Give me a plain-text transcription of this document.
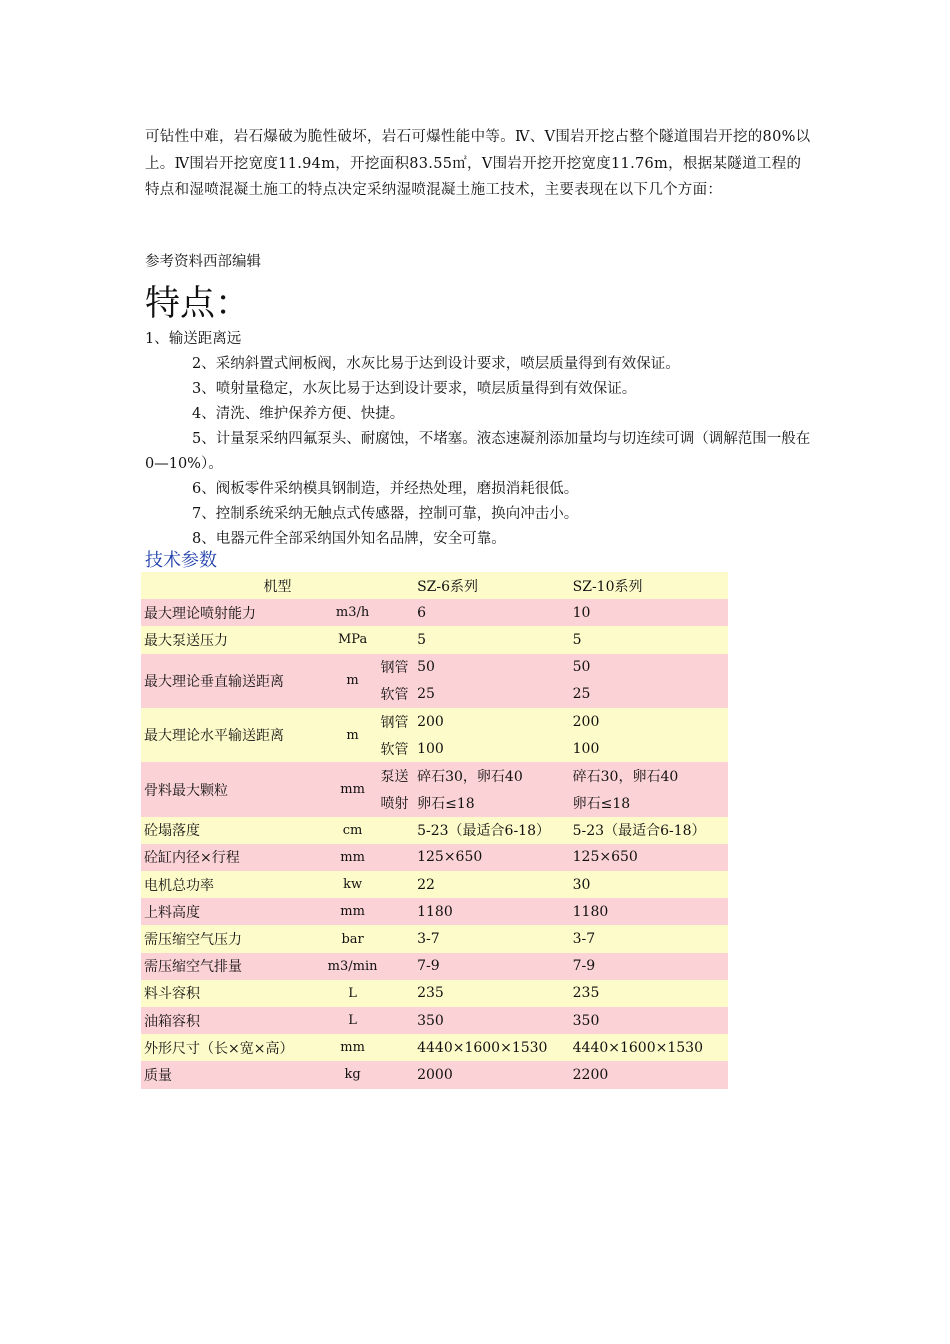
可钻性中难，岩石爆破为脆性破坏，岩石可爆性能中等。Ⅳ、Ⅴ围岩开挖占整个隧道围岩开挖的80%以上。Ⅳ围岩开挖宽度11.94m，开挖面积83.55㎡，Ⅴ围岩开挖开挖宽度11.76m，根据某隧道工程的特点和湿喷混凝土施工的特点决定采纳湿喷混凝土施工技术，主要表现在以下几个方面：
参考资料西部编辑
特点：

1、输送距离远

2、采纳斜置式闸板阀，水灰比易于达到设计要求，喷层质量得到有效保证。

3、喷射量稳定，水灰比易于达到设计要求，喷层质量得到有效保证。

4、清洗、维护保养方便、快捷。

5、计量泵采纳四氟泵头、耐腐蚀，不堵塞。液态速凝剂添加量均与切连续可调（调解范围一般在0—10%）。

6、阀板零件采纳模具钢制造，并经热处理，磨损消耗很低。

7、控制系统采纳无触点式传感器，控制可靠，换向冲击小。

8、电器元件全部采纳国外知名品牌，安全可靠。

技术参数
机型			SZ-6系列	SZ-10系列
最大理论喷射能力	m3/h		6	10
最大泵送压力	MPa		5	5
最大理论垂直输送距离	m	钢管	50	50
		软管	25	25
最大理论水平输送距离	m	钢管	200	200
		软管	100	100
骨料最大颗粒	mm	泵送	碎石30，卵石40	碎石30，卵石40
		喷射	卵石≤18	卵石≤18
砼塌落度	cm		5-23（最适合6-18）	5-23（最适合6-18）
砼缸内径×行程	mm		125×650	125×650
电机总功率	kw		22	30
上料高度	mm		1180	1180
需压缩空气压力	bar		3-7	3-7
需压缩空气排量	m3/min		7-9	7-9
料斗容积	L		235	235
油箱容积	L		350	350
外形尺寸（长×宽×高）	mm		4440×1600×1530	4440×1600×1530
质量	kg		2000	2200
